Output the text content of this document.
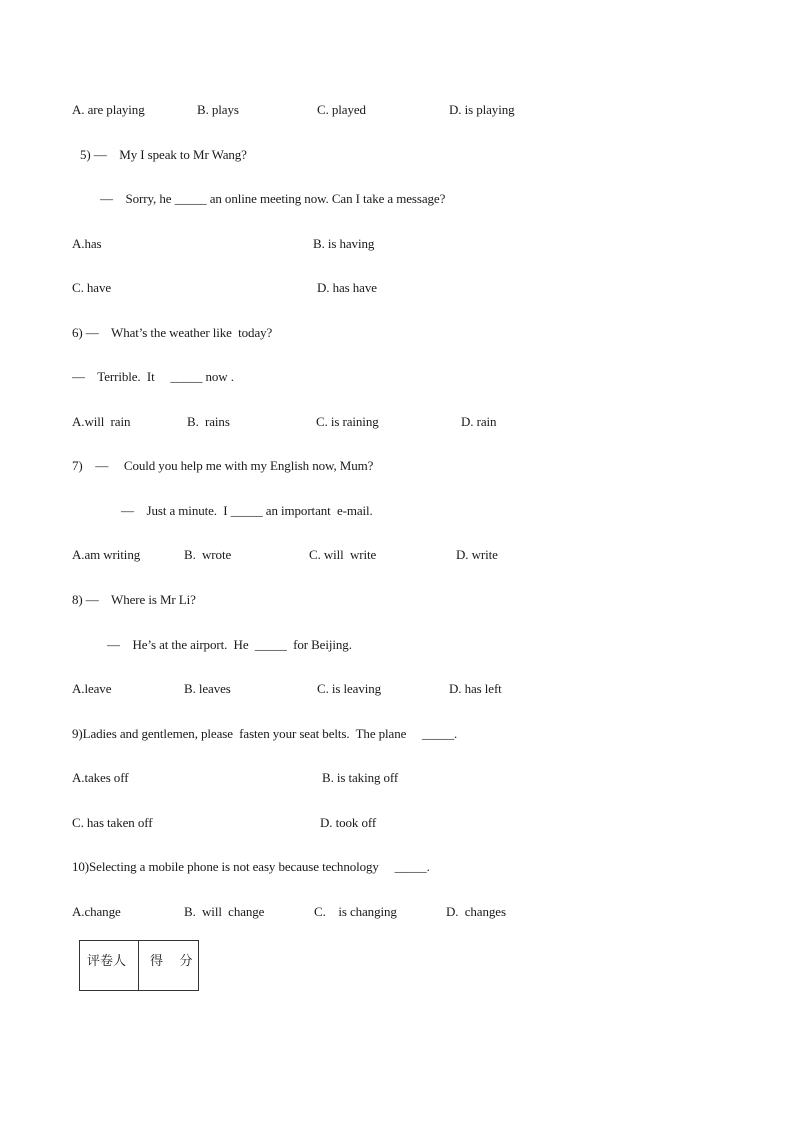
A. are playing	B. plays	C. played	D. is playing
5) —    My I speak to Mr Wang?
—    Sorry, he _____ an online meeting now. Can I take a message?
A.has	B. is having
C. have	D. has have
6) —    What’s the weather like  today?
—    Terrible.  It     _____ now .
A.will  rain	B.  rains	C. is raining	D. rain
7)    —     Could you help me with my English now, Mum?
—    Just a minute.  I _____ an important  e-mail.
A.am writing	B.  wrote	C. will  write	D. write
8) —    Where is Mr Li?
—    He’s at the airport.  He  _____  for Beijing.
A.leave	B. leaves	C. is leaving	D. has left
9)Ladies and gentlemen, please  fasten your seat belts.  The plane     _____.
A.takes off	B. is taking off
C. has taken off	D. took off
10)Selecting a mobile phone is not easy because technology     _____.
A.change	B.  will  change	C.    is changing	D.  changes
评卷人 得    分
